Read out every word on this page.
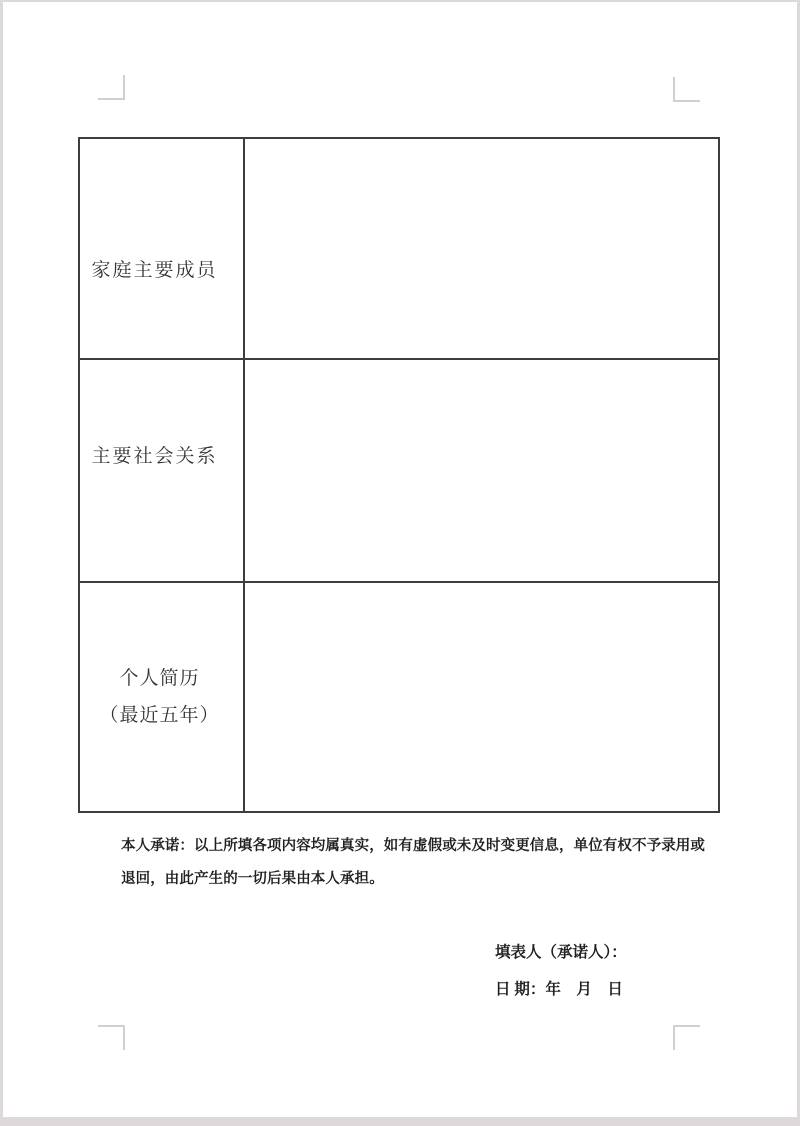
家庭主要成员
主要社会关系
个人简历
（最近五年）
本人承诺：以上所填各项内容均属真实，如有虚假或未及时变更信息，单位有权不予录用或
退回，由此产生的一切后果由本人承担。
填表人（承诺人）：
日 期：年　月　日
